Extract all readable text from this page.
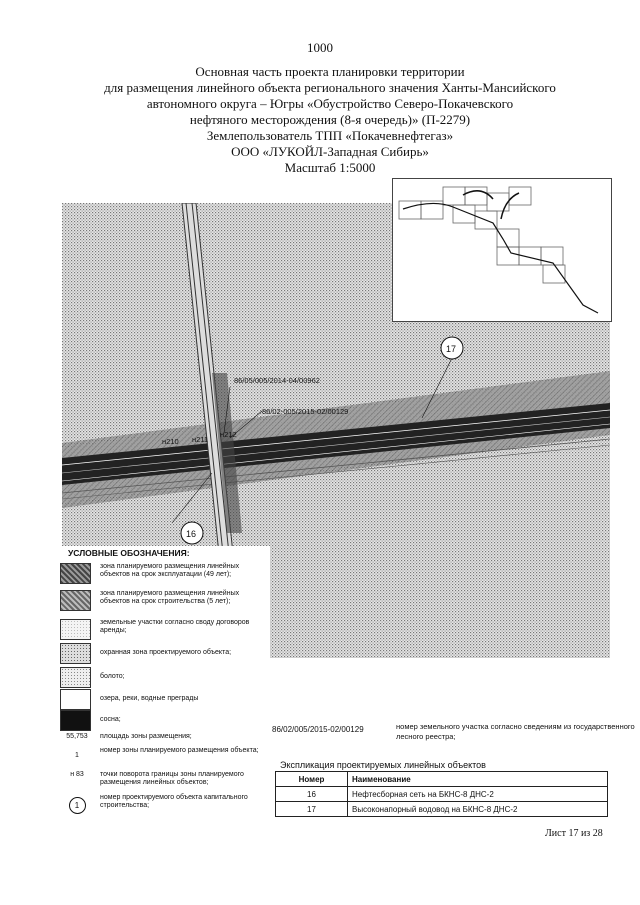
1000
Основная часть проекта планировки территории
для размещения линейного объекта регионального значения Ханты-Мансийского
автономного округа – Югры «Обустройство Северо-Покачевского
нефтяного месторождения (8-я очередь)» (П-2279)
Землепользователь ТПП «Покачевнефтегаз»
ООО «ЛУКОЙЛ-Западная Сибирь»
Масштаб 1:5000
86/05/005/2014-04/00962
86/02-005/2015-02/00129
н210 н211
н212
17
16
УСЛОВНЫЕ ОБОЗНАЧЕНИЯ:
зона планируемого размещения линейных объектов на срок эксплуатации (49 лет);
зона планируемого размещения линейных объектов на срок строительства (5 лет);
земельные участки согласно своду договоров аренды;
охранная зона проектируемого объекта;
болото;
озера, реки, водные преграды
сосна;
55,753	площадь зоны размещения;
1
номер зоны планируемого размещения объекта;
н 83	точки поворота границы зоны планируемого размещения линейных объектов;
1
номер проектируемого объекта капитального строительства;
86/02/005/2015-02/00129	номер земельного участка согласно сведениям из государственного лесного реестра;
Экспликация проектируемых линейных объектов
Номер	Наименование
16	Нефтесборная сеть на БКНС-8 ДНС-2
17	Высоконапорный водовод на БКНС-8 ДНС-2
Лист 17 из 28
